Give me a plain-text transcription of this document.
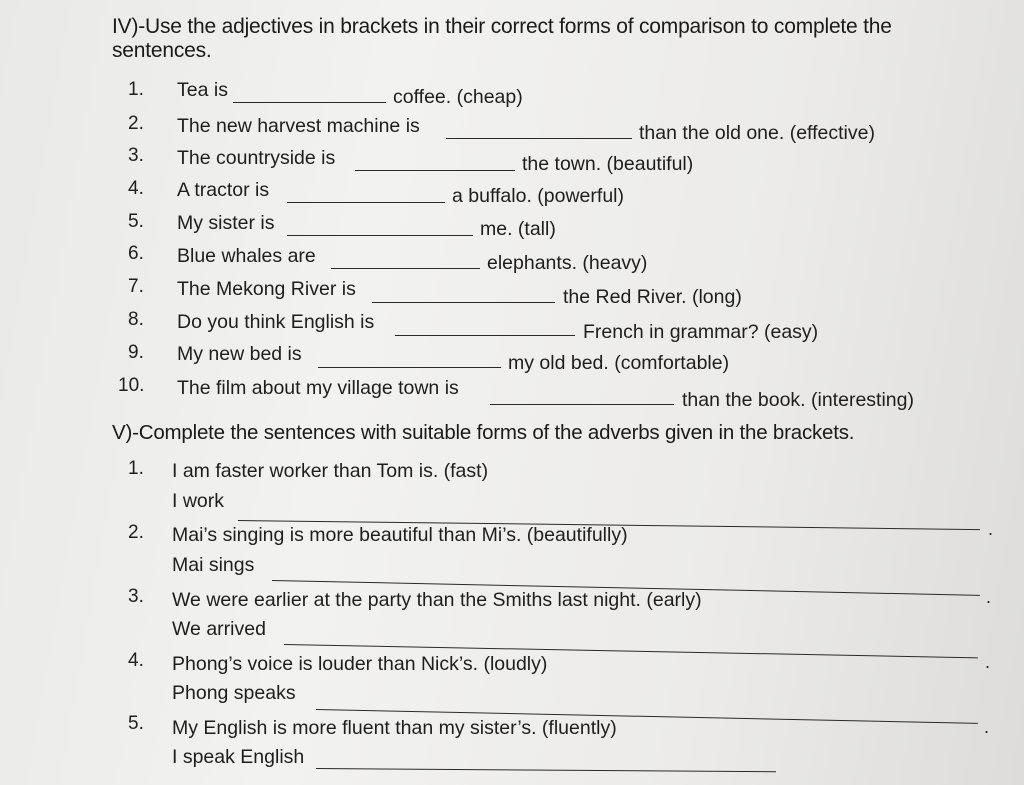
IV)-Use the adjectives in brackets in their correct forms of comparison to complete the
sentences.
1.	Tea is	coffee. (cheap)
2.	The new harvest machine is	than the old one. (effective)
3.	The countryside is	the town. (beautiful)
4.	A tractor is	a buffalo. (powerful)
5.	My sister is	me. (tall)
6.	Blue whales are	elephants. (heavy)
7.	The Mekong River is	the Red River. (long)
8.	Do you think English is	French in grammar? (easy)
9.	My new bed is	my old bed. (comfortable)
10.	The film about my village town is
than the book. (interesting)
V)-Complete the sentences with suitable forms of the adverbs given in the brackets.
1.	I am faster worker than Tom is. (fast)
I work
.
2.	Mai’s singing is more beautiful than Mi’s. (beautifully)
Mai sings
.
3.	We were earlier at the party than the Smiths last night. (early)
We arrived
.
4.	Phong’s voice is louder than Nick’s. (loudly)
Phong speaks
.
5.	My English is more fluent than my sister’s. (fluently)
I speak English
